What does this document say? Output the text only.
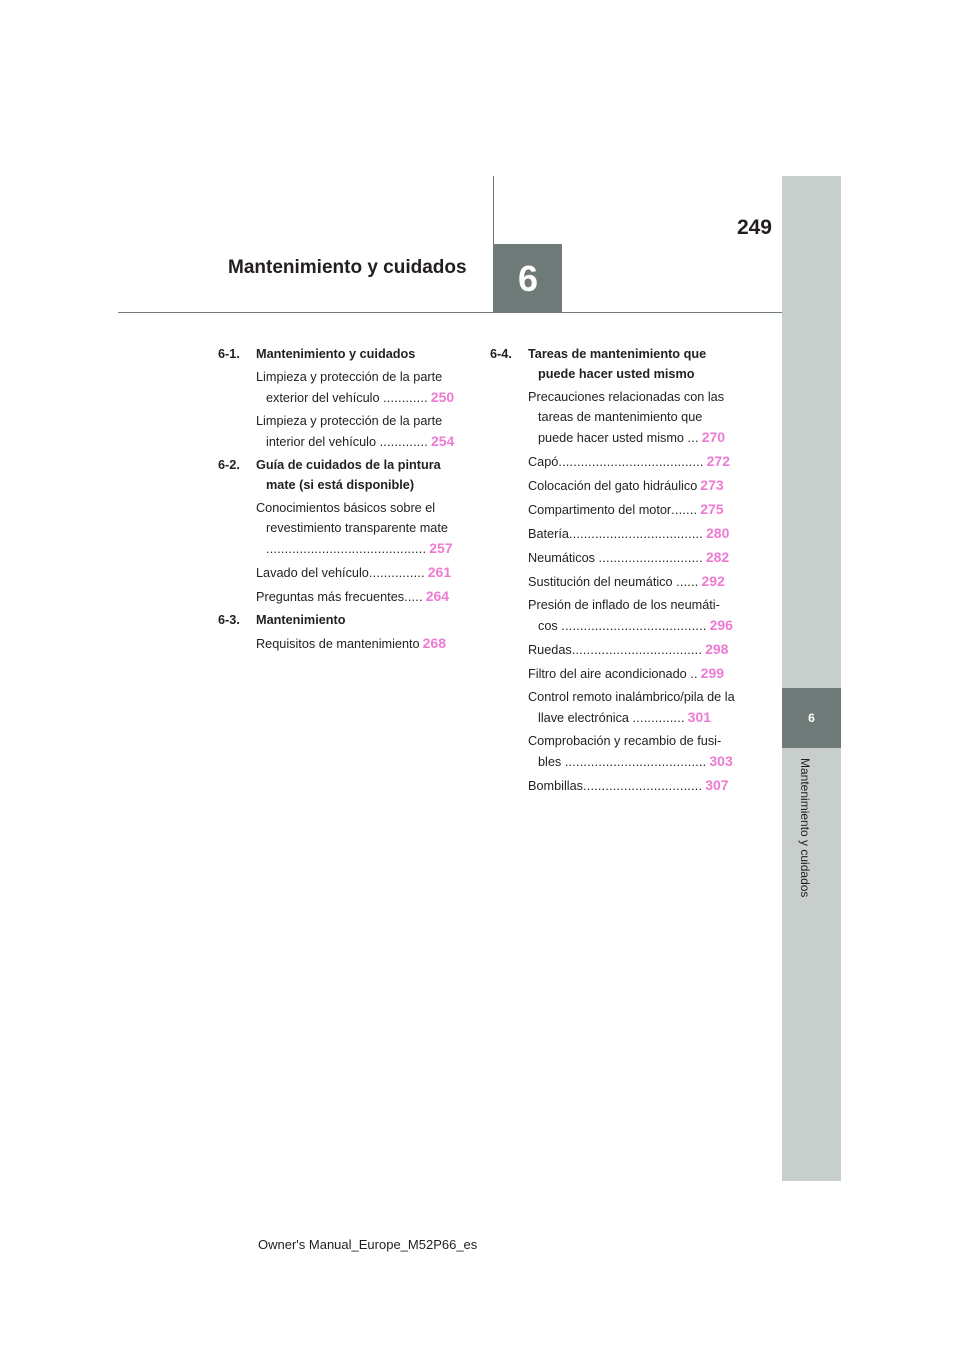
6
Mantenimiento y cuidados
6
249
Mantenimiento y cuidados
6-1. Mantenimiento y cuidados
Limpieza y protección de la parte exterior del vehículo ............ 250
Limpieza y protección de la parte interior del vehículo ............. 254
6-2. Guía de cuidados de la pintura mate (si está disponible)
Conocimientos básicos sobre el revestimiento transparente mate ........................................... 257
Lavado del vehículo............... 261
Preguntas más frecuentes..... 264
6-3. Mantenimiento
Requisitos de mantenimiento 268
6-4. Tareas de mantenimiento que puede hacer usted mismo
Precauciones relacionadas con las tareas de mantenimiento que puede hacer usted mismo ... 270
Capó....................................... 272
Colocación del gato hidráulico 273
Compartimento del motor....... 275
Batería.................................... 280
Neumáticos ............................ 282
Sustitución del neumático ...... 292
Presión de inflado de los neumáti- cos ....................................... 296
Ruedas................................... 298
Filtro del aire acondicionado .. 299
Control remoto inalámbrico/pila de la llave electrónica .............. 301
Comprobación y recambio de fusi- bles ...................................... 303
Bombillas................................ 307
Owner's Manual_Europe_M52P66_es
